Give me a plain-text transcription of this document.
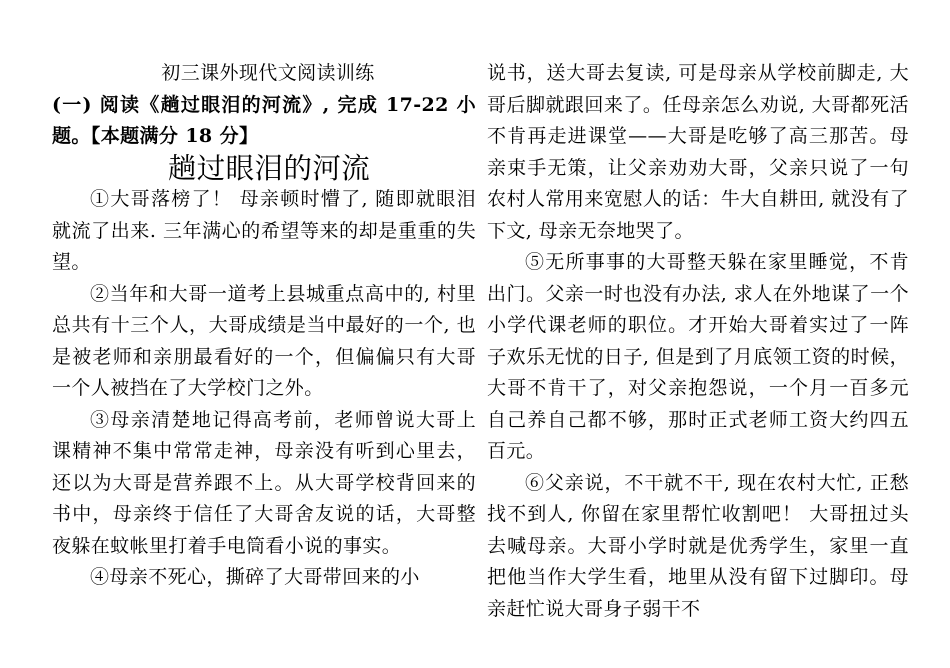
初三课外现代文阅读训练

(一) 阅读《趟过眼泪的河流》, 完成 17-22 小题。【本题满分 18 分】

趟过眼泪的河流

①大哥落榜了！ 母亲顿时懵了, 随即就眼泪就流了出来. 三年满心的希望等来的却是重重的失望。

②当年和大哥一道考上县城重点高中的, 村里总共有十三个人，大哥成绩是当中最好的一个, 也是被老师和亲朋最看好的一个，但偏偏只有大哥一个人被挡在了大学校门之外。

③母亲清楚地记得高考前，老师曾说大哥上课精神不集中常常走神，母亲没有听到心里去，还以为大哥是营养跟不上。从大哥学校背回来的书中，母亲终于信任了大哥舍友说的话，大哥整夜躲在蚊帐里打着手电筒看小说的事实。

④母亲不死心，撕碎了大哥带回来的小

说书，送大哥去复读, 可是母亲从学校前脚走, 大哥后脚就跟回来了。任母亲怎么劝说, 大哥都死活不肯再走进课堂——大哥是吃够了高三那苦。母亲束手无策，让父亲劝劝大哥，父亲只说了一句农村人常用来宽慰人的话：牛大自耕田, 就没有了下文, 母亲无奈地哭了。

⑤无所事事的大哥整天躲在家里睡觉，不肯出门。父亲一时也没有办法, 求人在外地谋了一个小学代课老师的职位。才开始大哥着实过了一阵子欢乐无忧的日子, 但是到了月底领工资的时候，大哥不肯干了，对父亲抱怨说，一个月一百多元自己养自己都不够，那时正式老师工资大约四五百元。

⑥父亲说，不干就不干, 现在农村大忙, 正愁找不到人, 你留在家里帮忙收割吧！ 大哥扭过头去喊母亲。大哥小学时就是优秀学生，家里一直把他当作大学生看，地里从没有留下过脚印。母亲赶忙说大哥身子弱干不
